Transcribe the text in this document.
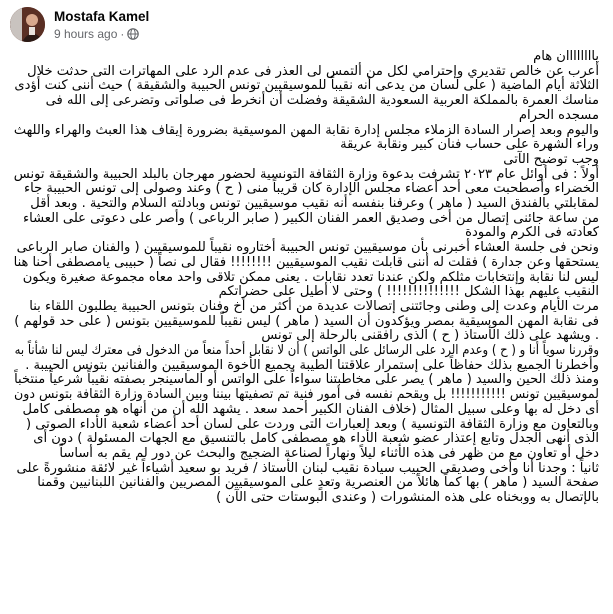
Mostafa Kamel
9 hours ago ·

ياااااااان هام

أعرب عن خالص تقديري وإحترامي لكل من ألتمس لى العذر فى عدم الرد على المهاترات التى حدثت خلال

الثلاثة أيام الماضية ( على لسان من يدعى أنه نقيباً للموسيقيين تونس الحبيبة والشقيقة ) حيث أننى كنت أؤدى

مناسك العمرة بالمملكة العربية السعودية الشقيقة وفضلت أن أنخرط فى صلواتى وتضرعى إلى الله فى

مسجده الحرام

واليوم وبعد إصرار السادة الزملاء مجلس إدارة نقابة المهن الموسيقية بضرورة إيقاف هذا العبث والهراء واللهث

وراء الشهرة على حساب فنان كبير ونقابة عريقة

وجب توضيح الآتى

أولاً : فى أوائل عام ٢٠٢٣ تشرفت بدعوة وزارة الثقافة التونسية لحضور مهرجان بالبلد الحبيبة والشقيقة تونس

الخضراء وأصطحبت معى أحد أعضاء مجلس الإدارة كان قريباً منى ( ح ) وعند وصولى إلى تونس الحبيبة جاء

لمقابلتي بالفندق السيد ( ماهر ) وعرفنا بنفسه أنه نقيب موسيقيين تونس وبادلته السلام والتحية . وبعد أقل

من ساعة جائنى إتصال من أخى وصديق العمر الفنان الكبير ( صابر الرباعى ) وأصر على دعوتى على العشاء

كعادته فى الكرم والمودة

ونحن فى جلسة العشاء أخبرنى بأن موسيقيين تونس الحبيبة أختاروه نقيباً للموسيقيين ( والفنان صابر الرباعى

يستحقها وعن جدارة ) فقلت له أننى قابلت نقيب الموسيقيين !!!!!!!! فقال لى نصاً ( حبيبى يامصطفى أحنا هنا

ليس لنا نقابة وإنتخابات مثلكم ولكن عندنا تعدد نقابات . يعنى ممكن تلاقى واحد معاه مجموعة صغيرة ويكون

النقيب عليهم بهذا الشكل !!!!!!!!!!!!!! ) وحتى لا أطيل على حضراتكم

مرت الأيام وعدت إلى وطنى وجائتنى إتصالات عديدة من أكثر من أخ وفنان بتونس الحبيبة يطلبون اللقاء بنا

فى نقابة المهن الموسيقية بمصر ويؤكدون أن السيد ( ماهر ) ليس نقيباً للموسيقيين بتونس ( على حد قولهم )

. ويشهد على ذلك الأستاذ ( ح ) الذى رافقنى بالرحلة إلى تونس

وقررنا سوياً أنا و ( ح ) وعدم الرد على الرسائل على الواتس ) أن لا نقابل أحداً منعاً من الدخول فى معترك ليس لنا شأناً به

وأخطرنا الجميع بذلك حفاظاً على إستمرار علاقتنا الطيبة بجميع الأخوة الموسيقيين والفنانين بتونس الحبيبة .

ومنذ ذلك الحين والسيد ( ماهر ) يصر على مخاطبتنا سواءاً على الواتس أو الماسينجر بصفته نقيباً شرعياً منتخباً

لموسيقيين تونس !!!!!!!!!!! بل ويقحم نفسه فى أمور فنية تم تصفيتها بيننا وبين السادة وزارة الثقافة بتونس دون

أى دخل له بها وعلى سبيل المثال (خلاف الفنان الكبير أحمد سعد . يشهد الله أن من أنهاه هو مصطفى كامل

وبالتعاون مع وزارة الثقافة التونسية ) وبعد العبارات التى وردت على لسان أحد أعضاء شعبة الأداء الصوتى (

الذى أنهى الجدل وتابع إعتذار عضو شعبة الأداء هو مصطفى كامل بالتنسيق مع الجهات المسئولة ) دون أى

دخل أو تعاون مع من ظهر فى هذه الأثناء ليلاً ونهاراً لصناعة الضجيج والبحث عن دور لم يقم به أساساً

ثانياً : وجدنا أنا وأخى وصديقى الحبيب سيادة نقيب لبنان الأستاذ / فريد بو سعيد أشياءاً غير لائقة منشورةً على

صفحة السيد ( ماهر ) بها كماً هائلاً من العنصرية وتعدٍ على الموسيقيين المصريين والفنانين اللبنانيين وقمنا

بالإتصال به ووبخناه على هذه المنشورات ( وعندى البوستات حتى الآن )
